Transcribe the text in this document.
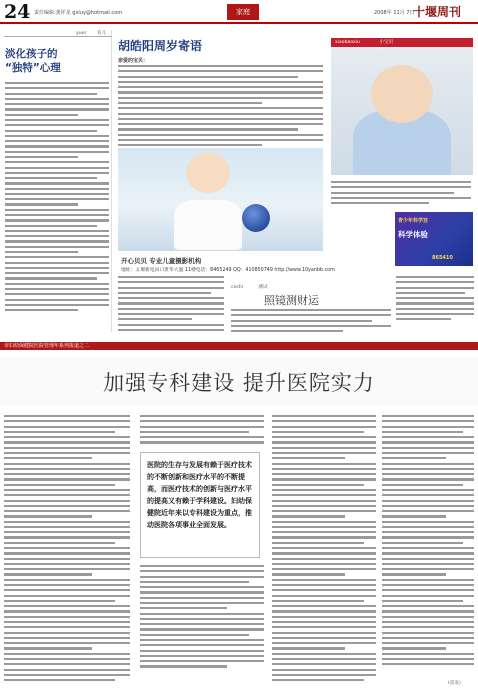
24 责任编辑:龚祥龙 gxluy@hotmail.com	家庭	2008年 11月 7日
十堰周刊
yuer 育儿
淡化孩子的
“独特”心理
胡皓阳周岁寄语
亲爱的宝贝：
xiaobaoxiu	小宝贝
开心贝贝 专业儿童摄影机构
地址：五堰新电田口贵华大厦 11楼电话：8465249 QQ：410850749 http://www.10yanbb.com
青少年科学宫
科学体验
865410
ceshi	测试
照镜测财运
市妇幼保健院医院管理年系列报道之二
加强专科建设 提升医院实力
医院的生存与发展有赖于医疗技术的不断创新和医疗水平的不断提高，而医疗技术的创新与医疗水平的提高又有赖于学科建设。妇幼保健院近年来以专科建设为重点，推动医院各项事业全面发展。
(雷发)
